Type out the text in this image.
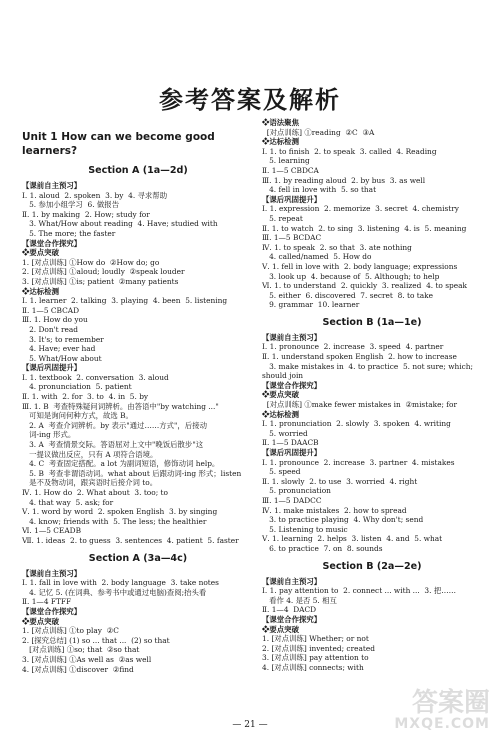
参考答案及解析
Unit 1 How can we become good learners?
Section A (1a—2d)
【课前自主预习】
Ⅰ. 1. aloud  2. spoken  3. by  4. 寻求帮助
5. 参加小组学习  6. 做报告
Ⅱ. 1. by making  2. How; study for
3. What/How about reading  4. Have; studied with
5. The more; the faster
【课堂合作探究】
❖要点突破
1. [对点训练] ①How do  ②How do; go
2. [对点训练] ①aloud; loudly  ②speak louder
3. [对点训练] ①is; patient  ②many patients
❖达标检测
Ⅰ. 1. learner  2. talking  3. playing  4. been  5. listening
Ⅱ. 1—5 CBCAD
Ⅲ. 1. How do you
2. Don't read
3. It's; to remember
4. Have; ever had
5. What/How about
【课后巩固提升】
Ⅰ. 1. textbook  2. conversation  3. aloud
4. pronunciation  5. patient
Ⅱ. 1. with  2. for  3. to  4. in  5. by
Ⅲ. 1. B  考查特殊疑问词辨析。由答语中"by watching ..."
可知是询问何种方式，故选 B。
2. A  考查介词辨析。by 表示"通过……方式"，后接动
词-ing 形式。
3. A  考查情景交际。答语屈对上文中"晚饭后散步"这
一提议做出反应，只有 A 项符合语境。
4. C  考查固定搭配。a lot 为副词短语，修饰动词 help。
5. B  考查非谓语动词。what about 后跟动词-ing 形式；listen
是不及物动词，跟宾语时后接介词 to。
Ⅳ. 1. How do  2. What about  3. too; to
4. that way  5. ask; for
Ⅴ. 1. word by word  2. spoken English  3. by singing
4. know; friends with  5. The less; the healthier
Ⅵ. 1—5 CEADB
Ⅶ. 1. ideas  2. to guess  3. sentences  4. patient  5. faster
Section A (3a—4c)
【课前自主预习】
Ⅰ. 1. fall in love with  2. body language  3. take notes
4. 记忆 5. (在词典、参考书中或通过电脑)查阅;抬头看
Ⅱ. 1—4 FTFF
【课堂合作探究】
❖要点突破
1. [对点训练] ①to play  ②C
2. [探究总结] (1) so ... that ...  (2) so that
[对点训练] ①so; that  ②so that
3. [对点训练] ①As well as  ②as well
4. [对点训练] ①discover  ②find
❖语法聚焦
[对点训练] ①reading  ②C  ③A
❖达标检测
Ⅰ. 1. to finish  2. to speak  3. called  4. Reading
5. learning
Ⅱ. 1—5 CBDCA
Ⅲ. 1. by reading aloud  2. by bus  3. as well
4. fell in love with  5. so that
【课后巩固提升】
Ⅰ. 1. expression  2. memorize  3. secret  4. chemistry
5. repeat
Ⅱ. 1. to watch  2. to sing  3. listening  4. is  5. meaning
Ⅲ. 1—5 BCDAC
Ⅳ. 1. to speak  2. so that  3. ate nothing
4. called/named  5. How do
Ⅴ. 1. fell in love with  2. body language; expressions
3. look up  4. because of  5. Although; to help
Ⅵ. 1. to understand  2. quickly  3. realized  4. to speak
5. either  6. discovered  7. secret  8. to take
9. grammar  10. learner
Section B (1a—1e)
【课前自主预习】
Ⅰ. 1. pronounce  2. increase  3. speed  4. partner
Ⅱ. 1. understand spoken English  2. how to increase
3. make mistakes in  4. to practice  5. not sure; which; should join
【课堂合作探究】
❖要点突破
[对点训练] ①make fewer mistakes in  ②mistake; for
❖达标检测
Ⅰ. 1. pronunciation  2. slowly  3. spoken  4. writing
5. worried
Ⅱ. 1—5 DAACB
【课后巩固提升】
Ⅰ. 1. pronounce  2. increase  3. partner  4. mistakes
5. speed
Ⅱ. 1. slowly  2. to use  3. worried  4. right
5. pronunciation
Ⅲ. 1—5 DADCC
Ⅳ. 1. make mistakes  2. how to spread
3. to practice playing  4. Why don't; send
5. Listening to music
Ⅴ. 1. learning  2. helps  3. listen  4. and  5. what
6. to practice  7. on  8. sounds
Section B (2a—2e)
【课前自主预习】
Ⅰ. 1. pay attention to  2. connect ... with ...  3. 把……
看作 4. 是否 5. 相互
Ⅱ. 1—4  DACD
【课堂合作探究】
❖要点突破
1. [对点训练] Whether; or not
2. [对点训练] invented; created
3. [对点训练] pay attention to
4. [对点训练] connects; with
— 21 —
答案圈
MXQE.COM
